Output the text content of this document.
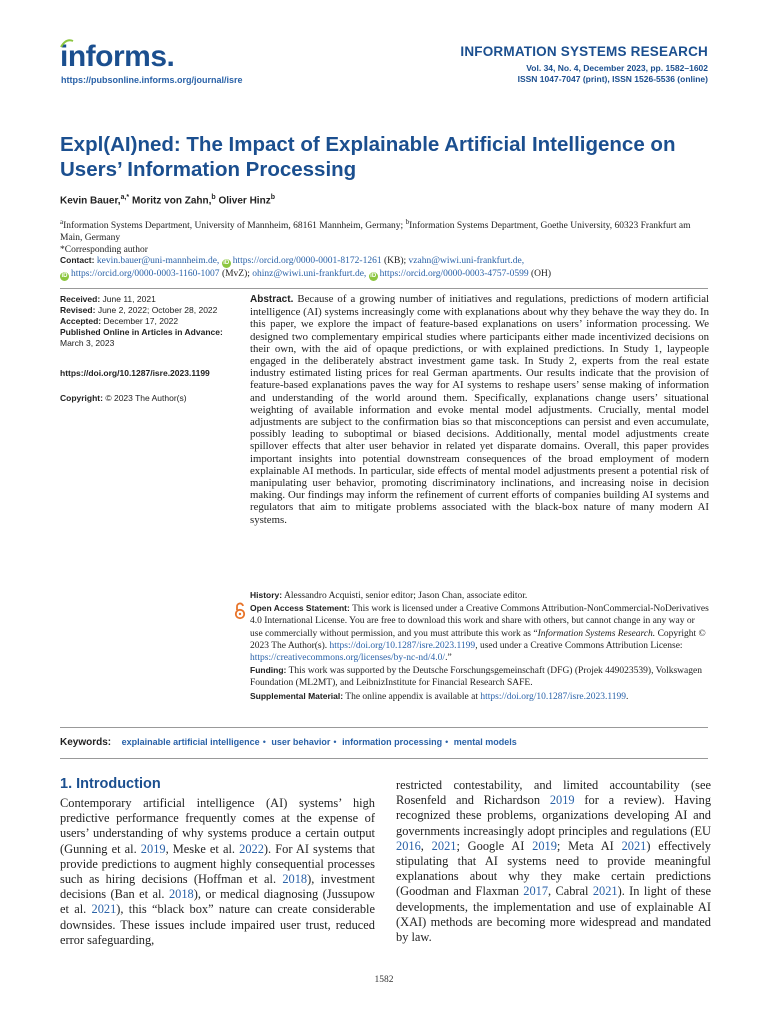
informs.
https://pubsonline.informs.org/journal/isre
INFORMATION SYSTEMS RESEARCH
Vol. 34, No. 4, December 2023, pp. 1582–1602
ISSN 1047-7047 (print), ISSN 1526-5536 (online)
Expl(AI)ned: The Impact of Explainable Artificial Intelligence on Users’ Information Processing
Kevin Bauer,$^{a,*}$ Moritz von Zahn,$^b$ Oliver Hinz$^b$
$^a$Information Systems Department, University of Mannheim, 68161 Mannheim, Germany; $^b$Information Systems Department, Goethe University, 60323 Frankfurt am Main, Germany
*Corresponding author
Contact: kevin.bauer@uni-mannheim.de, iD https://orcid.org/0000-0001-8172-1261 (KB); vzahn@wiwi.uni-frankfurt.de,
iD https://orcid.org/0000-0003-1160-1007 (MvZ); ohinz@wiwi.uni-frankfurt.de, iD https://orcid.org/0000-0003-4757-0599 (OH)
Received: June 11, 2021
Revised: June 2, 2022; October 28, 2022
Accepted: December 17, 2022
Published Online in Articles in Advance:
March 3, 2023
https://doi.org/10.1287/isre.2023.1199
Copyright: © 2023 The Author(s)
Abstract. Because of a growing number of initiatives and regulations, predictions of modern artificial intelligence (AI) systems increasingly come with explanations about why they behave the way they do. In this paper, we explore the impact of feature-based explanations on users’ information processing. We designed two complementary empirical studies where participants either made incentivized decisions on their own, with the aid of opaque predictions, or with explained predictions. In Study 1, laypeople engaged in the deliberately abstract investment game task. In Study 2, experts from the real estate industry estimated listing prices for real German apartments. Our results indicate that the provision of feature-based explanations paves the way for AI systems to reshape users’ sense making of information and understanding of the world around them. Specifically, explanations change users’ situational weighting of available information and evoke mental model adjustments. Crucially, mental model adjustments are subject to the confirmation bias so that misconceptions can persist and even accumulate, possibly leading to suboptimal or biased decisions. Additionally, mental model adjustments create spillover effects that alter user behavior in related yet disparate domains. Overall, this paper provides important insights into potential downstream consequences of the broad employment of modern explainable AI methods. In particular, side effects of mental model adjustments present a potential risk of manipulating user behavior, promoting discriminatory inclinations, and increasing noise in decision making. Our findings may inform the refinement of current efforts of companies building AI systems and regulators that aim to mitigate problems associated with the black-box nature of many modern AI systems.
History: Alessandro Acquisti, senior editor; Jason Chan, associate editor.
Open Access Statement: This work is licensed under a Creative Commons Attribution-NonCommercial-NoDerivatives 4.0 International License. You are free to download this work and share with others, but cannot change in any way or use commercially without permission, and you must attribute this work as “Information Systems Research. Copyright © 2023 The Author(s). https://doi.org/10.1287/isre.2023.1199, used under a Creative Commons Attribution License: https://creativecommons.org/licenses/by-nc-nd/4.0/.”
Funding: This work was supported by the Deutsche Forschungsgemeinschaft (DFG) (Projek 449023539), Volkswagen Foundation (ML2MT), and LeibnizInstitute for Financial Research SAFE.
Supplemental Material: The online appendix is available at https://doi.org/10.1287/isre.2023.1199.
Keywords: explainable artificial intelligence • user behavior • information processing • mental models
1. Introduction
Contemporary artificial intelligence (AI) systems’ high predictive performance frequently comes at the expense of users’ understanding of why systems produce a certain output (Gunning et al. 2019, Meske et al. 2022). For AI systems that provide predictions to augment highly consequential processes such as hiring decisions (Hoffman et al. 2018), investment decisions (Ban et al. 2018), or medical diagnosing (Jussupow et al. 2021), this “black box” nature can create considerable downsides. These issues include impaired user trust, reduced error safeguarding,
restricted contestability, and limited accountability (see Rosenfeld and Richardson 2019 for a review). Having recognized these problems, organizations developing AI and governments increasingly adopt principles and regulations (EU 2016, 2021; Google AI 2019; Meta AI 2021) effectively stipulating that AI systems need to provide meaningful explanations about why they make certain predictions (Goodman and Flaxman 2017, Cabral 2021). In light of these developments, the implementation and use of explainable AI (XAI) methods are becoming more widespread and mandated by law.
1582
